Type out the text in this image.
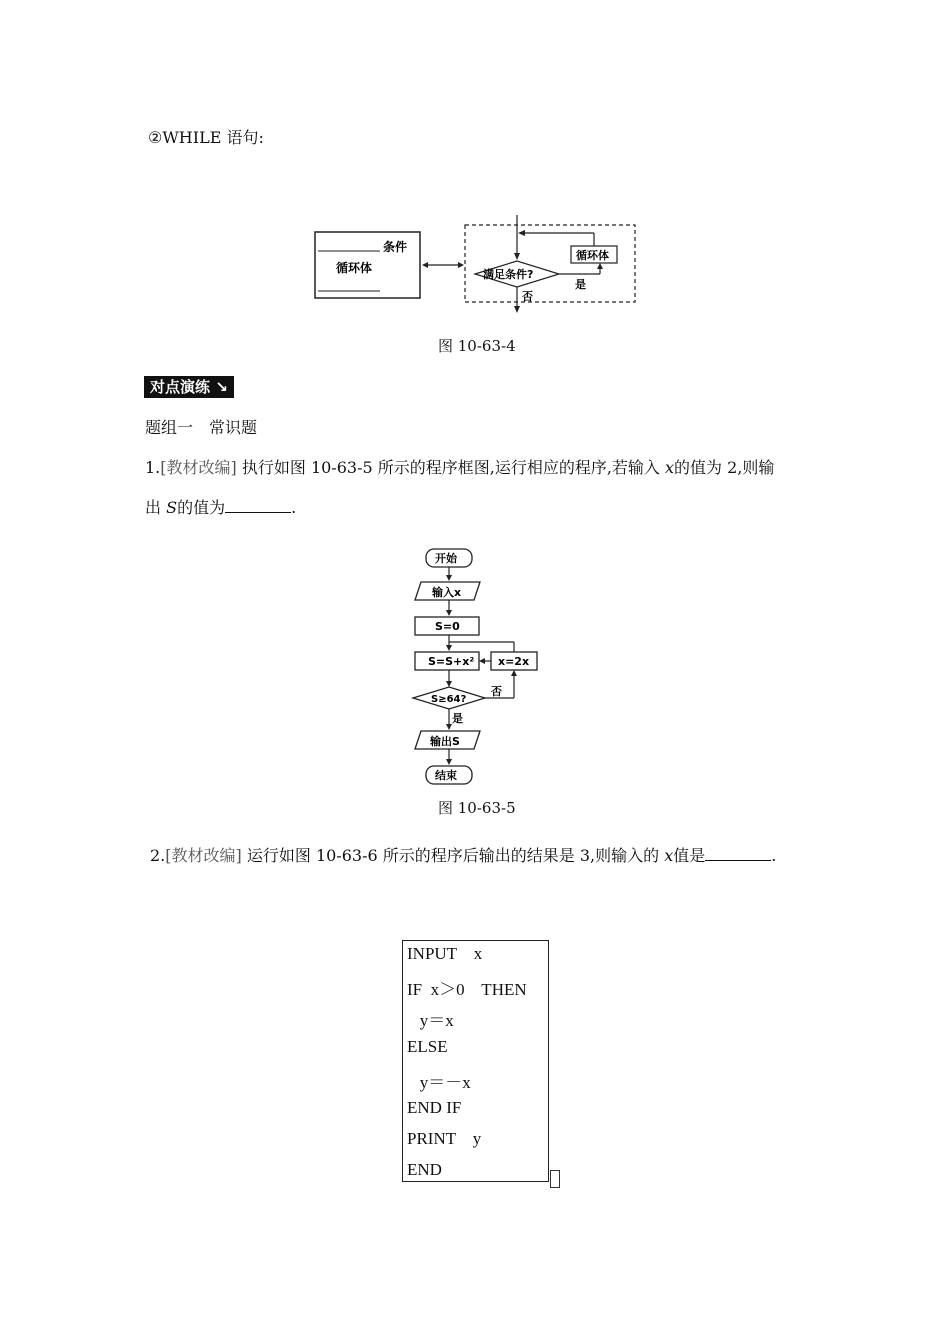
②WHILE 语句:
条件
循环体	满足条件?
循环体
是
否
图 10-63-4
对点演练 ↘
题组一　常识题
1.[教材改编] 执行如图 10-63-5 所示的程序框图,运行相应的程序,若输入 x的值为 2,则输
出 S的值为	.
开始
输入x
S=0
S=S+x² x=2x
S≥64?
否
是
输出S
结束
图 10-63-5
2.[教材改编] 运行如图 10-63-6 所示的程序后输出的结果是 3,则输入的 x值是	.
INPUT    x
IF  x＞0    THEN
y＝x
ELSE
y＝－x
END IF
PRINT    y
END
